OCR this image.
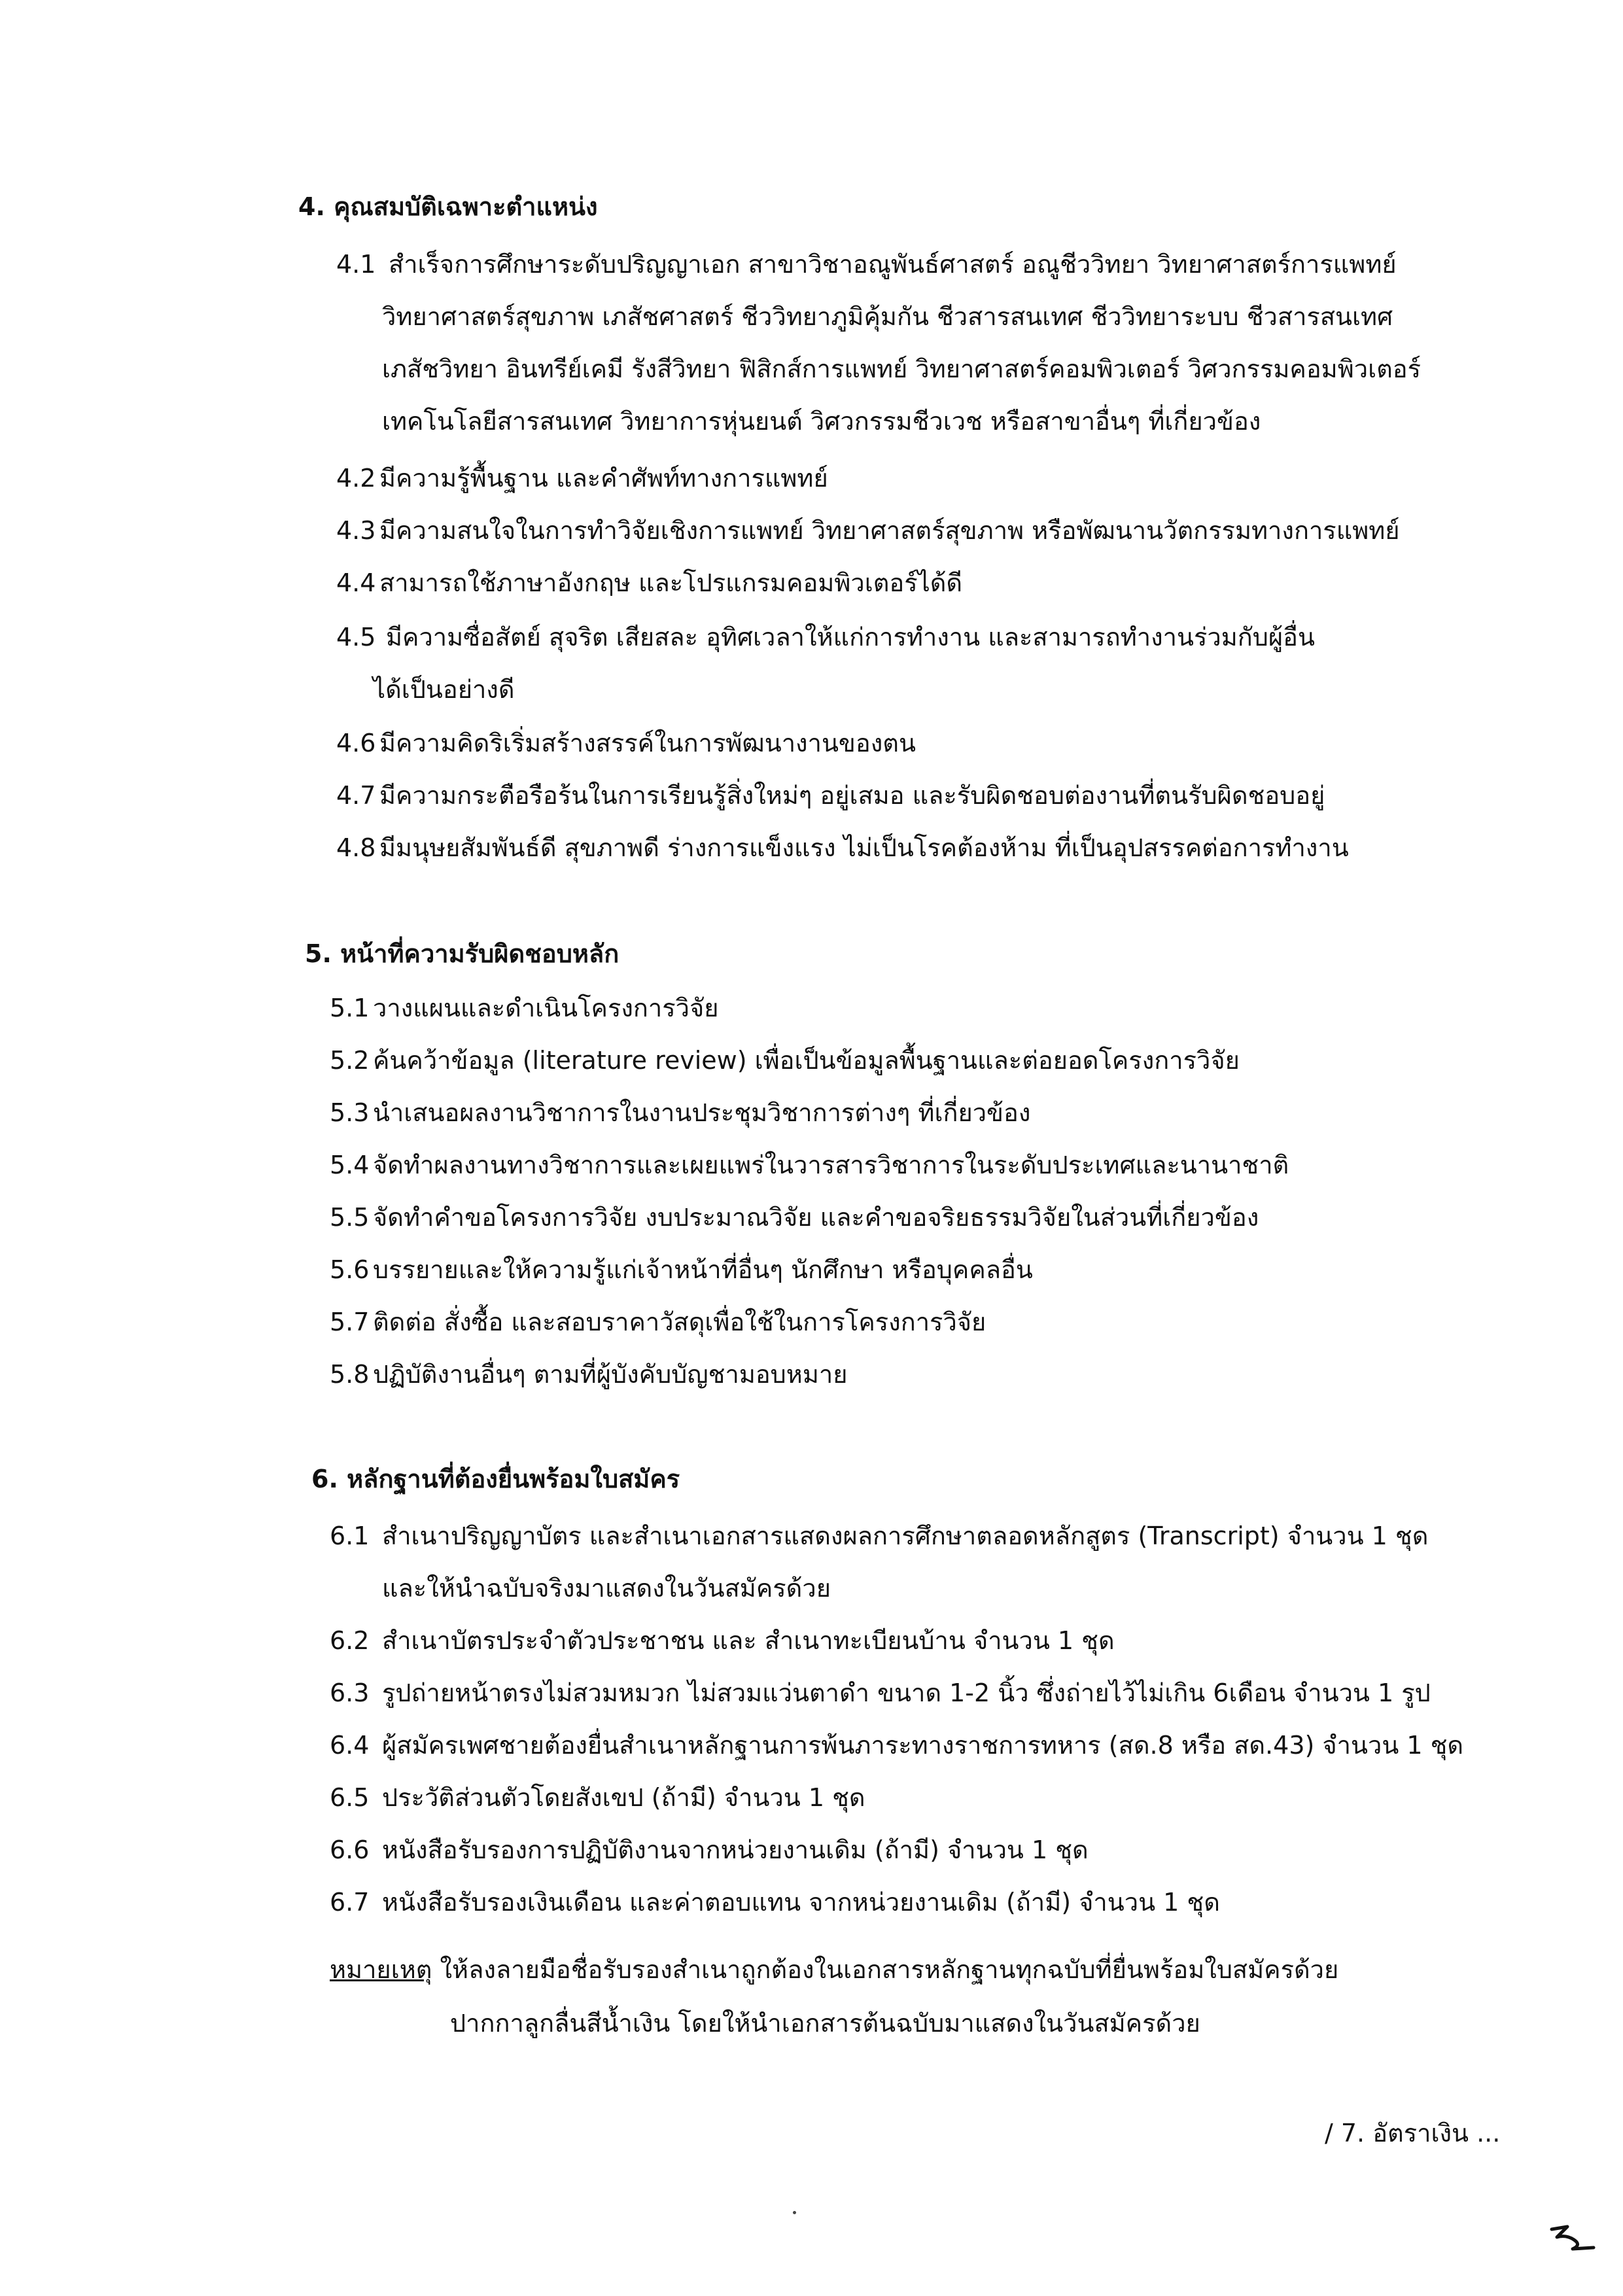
4. คุณสมบัติเฉพาะตำแหน่ง
4.1 สำเร็จการศึกษาระดับปริญญาเอก สาขาวิชาอณูพันธ์ศาสตร์ อณูชีววิทยา วิทยาศาสตร์การแพทย์
วิทยาศาสตร์สุขภาพ เภสัชศาสตร์ ชีววิทยาภูมิคุ้มกัน ชีวสารสนเทศ ชีววิทยาระบบ ชีวสารสนเทศ
เภสัชวิทยา อินทรีย์เคมี รังสีวิทยา ฟิสิกส์การแพทย์ วิทยาศาสตร์คอมพิวเตอร์ วิศวกรรมคอมพิวเตอร์
เทคโนโลยีสารสนเทศ วิทยาการหุ่นยนต์ วิศวกรรมชีวเวช หรือสาขาอื่นๆ ที่เกี่ยวข้อง
4.2 มีความรู้พื้นฐาน และคำศัพท์ทางการแพทย์
4.3 มีความสนใจในการทำวิจัยเชิงการแพทย์ วิทยาศาสตร์สุขภาพ หรือพัฒนานวัตกรรมทางการแพทย์
4.4 สามารถใช้ภาษาอังกฤษ และโปรแกรมคอมพิวเตอร์ได้ดี
4.5 มีความซื่อสัตย์ สุจริต เสียสละ อุทิศเวลาให้แก่การทำงาน และสามารถทำงานร่วมกับผู้อื่น
ได้เป็นอย่างดี
4.6 มีความคิดริเริ่มสร้างสรรค์ในการพัฒนางานของตน
4.7 มีความกระตือรือร้นในการเรียนรู้สิ่งใหม่ๆ อยู่เสมอ และรับผิดชอบต่องานที่ตนรับผิดชอบอยู่
4.8 มีมนุษยสัมพันธ์ดี สุขภาพดี ร่างการแข็งแรง ไม่เป็นโรคต้องห้าม ที่เป็นอุปสรรคต่อการทำงาน
5. หน้าที่ความรับผิดชอบหลัก
5.1 วางแผนและดำเนินโครงการวิจัย
5.2 ค้นคว้าข้อมูล (literature review) เพื่อเป็นข้อมูลพื้นฐานและต่อยอดโครงการวิจัย
5.3 นำเสนอผลงานวิชาการในงานประชุมวิชาการต่างๆ ที่เกี่ยวข้อง
5.4 จัดทำผลงานทางวิชาการและเผยแพร่ในวารสารวิชาการในระดับประเทศและนานาชาติ
5.5 จัดทำคำขอโครงการวิจัย งบประมาณวิจัย และคำขอจริยธรรมวิจัยในส่วนที่เกี่ยวข้อง
5.6 บรรยายและให้ความรู้แก่เจ้าหน้าที่อื่นๆ นักศึกษา หรือบุคคลอื่น
5.7 ติดต่อ สั่งซื้อ และสอบราคาวัสดุเพื่อใช้ในการโครงการวิจัย
5.8 ปฏิบัติงานอื่นๆ ตามที่ผู้บังคับบัญชามอบหมาย
6. หลักฐานที่ต้องยื่นพร้อมใบสมัคร
6.1 สำเนาปริญญาบัตร และสำเนาเอกสารแสดงผลการศึกษาตลอดหลักสูตร (Transcript) จำนวน 1 ชุด
และให้นำฉบับจริงมาแสดงในวันสมัครด้วย
6.2 สำเนาบัตรประจำตัวประชาชน และ สำเนาทะเบียนบ้าน จำนวน 1 ชุด
6.3 รูปถ่ายหน้าตรงไม่สวมหมวก ไม่สวมแว่นตาดำ ขนาด 1-2 นิ้ว ซึ่งถ่ายไว้ไม่เกิน 6เดือน จำนวน 1 รูป
6.4 ผู้สมัครเพศชายต้องยื่นสำเนาหลักฐานการพ้นภาระทางราชการทหาร (สด.8 หรือ สด.43) จำนวน 1 ชุด
6.5 ประวัติส่วนตัวโดยสังเขป (ถ้ามี) จำนวน 1 ชุด
6.6 หนังสือรับรองการปฏิบัติงานจากหน่วยงานเดิม (ถ้ามี) จำนวน 1 ชุด
6.7 หนังสือรับรองเงินเดือน และค่าตอบแทน จากหน่วยงานเดิม (ถ้ามี) จำนวน 1 ชุด
หมายเหตุ ให้ลงลายมือชื่อรับรองสำเนาถูกต้องในเอกสารหลักฐานทุกฉบับที่ยื่นพร้อมใบสมัครด้วย
ปากกาลูกลื่นสีน้ำเงิน โดยให้นำเอกสารต้นฉบับมาแสดงในวันสมัครด้วย
/ 7. อัตราเงิน ...
